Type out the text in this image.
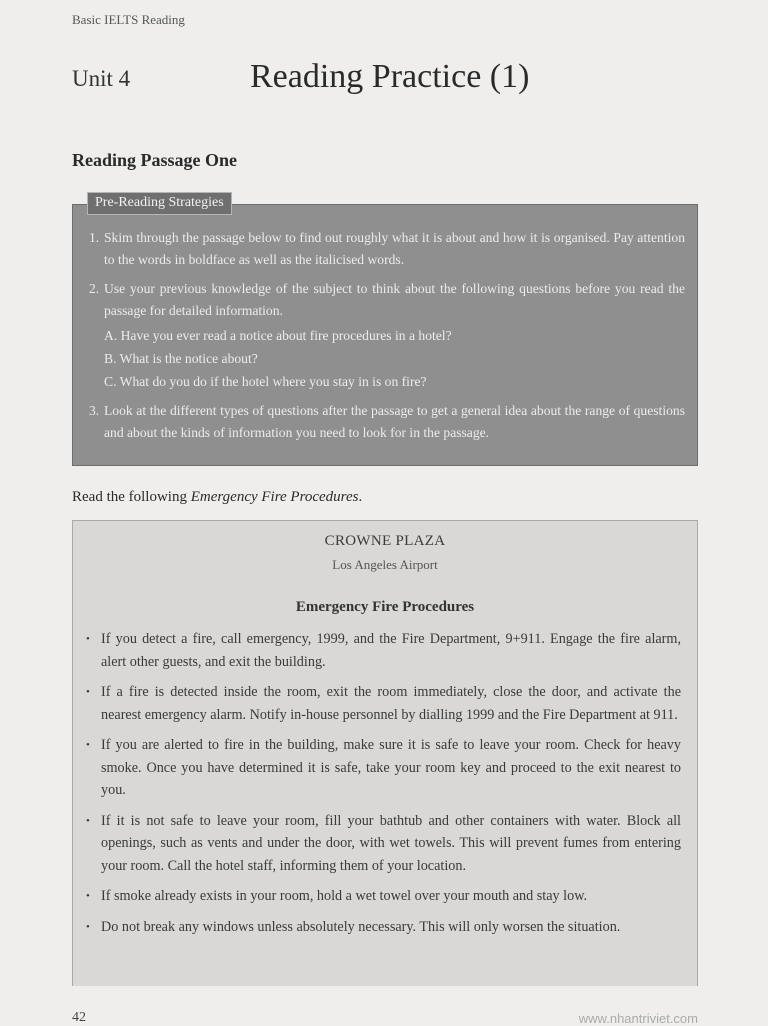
Basic IELTS Reading
Unit 4	Reading Practice (1)
Reading Passage One
Pre-Reading Strategies
1. Skim through the passage below to find out roughly what it is about and how it is organised. Pay attention to the words in boldface as well as the italicised words.
2. Use your previous knowledge of the subject to think about the following questions before you read the passage for detailed information.
A. Have you ever read a notice about fire procedures in a hotel?
B. What is the notice about?
C. What do you do if the hotel where you stay in is on fire?
3. Look at the different types of questions after the passage to get a general idea about the range of questions and about the kinds of information you need to look for in the passage.
Read the following Emergency Fire Procedures.
CROWNE PLAZA
Los Angeles Airport
Emergency Fire Procedures
• If you detect a fire, call emergency, 1999, and the Fire Department, 9+911. Engage the fire alarm, alert other guests, and exit the building.
• If a fire is detected inside the room, exit the room immediately, close the door, and activate the nearest emergency alarm. Notify in-house personnel by dialling 1999 and the Fire Department at 911.
• If you are alerted to fire in the building, make sure it is safe to leave your room. Check for heavy smoke. Once you have determined it is safe, take your room key and proceed to the exit nearest to you.
• If it is not safe to leave your room, fill your bathtub and other containers with water. Block all openings, such as vents and under the door, with wet towels. This will prevent fumes from entering your room. Call the hotel staff, informing them of your location.
• If smoke already exists in your room, hold a wet towel over your mouth and stay low.
• Do not break any windows unless absolutely necessary. This will only worsen the situation.
42	www.nhantriviet.com
